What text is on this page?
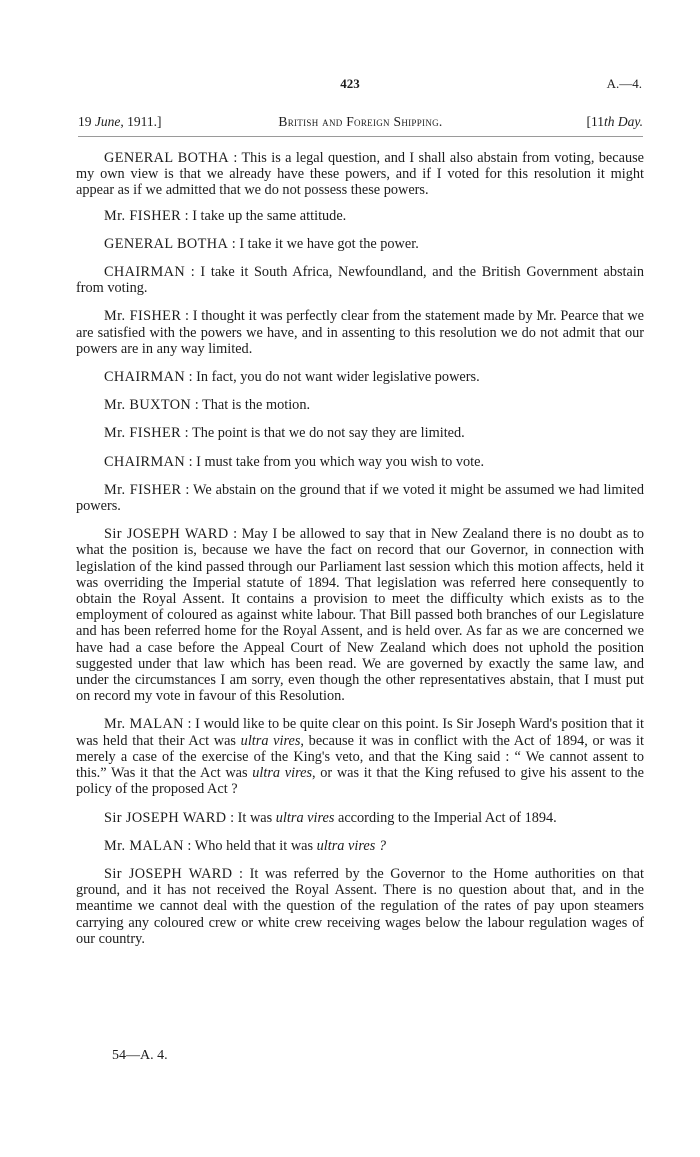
423	A.—4.
19 June, 1911.]	British and Foreign Shipping.	[11th Day.

GENERAL BOTHA : This is a legal question, and I shall also abstain from voting, because my own view is that we already have these powers, and if I voted for this resolution it might appear as if we admitted that we do not possess these powers.

Mr. FISHER : I take up the same attitude.

GENERAL BOTHA : I take it we have got the power.

CHAIRMAN : I take it South Africa, Newfoundland, and the British Government abstain from voting.

Mr. FISHER : I thought it was perfectly clear from the statement made by Mr. Pearce that we are satisfied with the powers we have, and in assenting to this resolution we do not admit that our powers are in any way limited.

CHAIRMAN : In fact, you do not want wider legislative powers.

Mr. BUXTON : That is the motion.

Mr. FISHER : The point is that we do not say they are limited.

CHAIRMAN : I must take from you which way you wish to vote.

Mr. FISHER : We abstain on the ground that if we voted it might be assumed we had limited powers.

Sir JOSEPH WARD : May I be allowed to say that in New Zealand there is no doubt as to what the position is, because we have the fact on record that our Governor, in connection with legislation of the kind passed through our Parliament last session which this motion affects, held it was overriding the Imperial statute of 1894. That legislation was referred here consequently to obtain the Royal Assent. It contains a provision to meet the difficulty which exists as to the employment of coloured as against white labour. That Bill passed both branches of our Legislature and has been referred home for the Royal Assent, and is held over. As far as we are concerned we have had a case before the Appeal Court of New Zealand which does not uphold the position suggested under that law which has been read. We are governed by exactly the same law, and under the circumstances I am sorry, even though the other representatives abstain, that I must put on record my vote in favour of this Resolution.

Mr. MALAN : I would like to be quite clear on this point. Is Sir Joseph Ward's position that it was held that their Act was ultra vires, because it was in conflict with the Act of 1894, or was it merely a case of the exercise of the King's veto, and that the King said : “ We cannot assent to this.” Was it that the Act was ultra vires, or was it that the King refused to give his assent to the policy of the proposed Act ?

Sir JOSEPH WARD : It was ultra vires according to the Imperial Act of 1894.

Mr. MALAN : Who held that it was ultra vires ?

Sir JOSEPH WARD : It was referred by the Governor to the Home authorities on that ground, and it has not received the Royal Assent. There is no question about that, and in the meantime we cannot deal with the question of the regulation of the rates of pay upon steamers carrying any coloured crew or white crew receiving wages below the labour regulation wages of our country.

54—A. 4.
